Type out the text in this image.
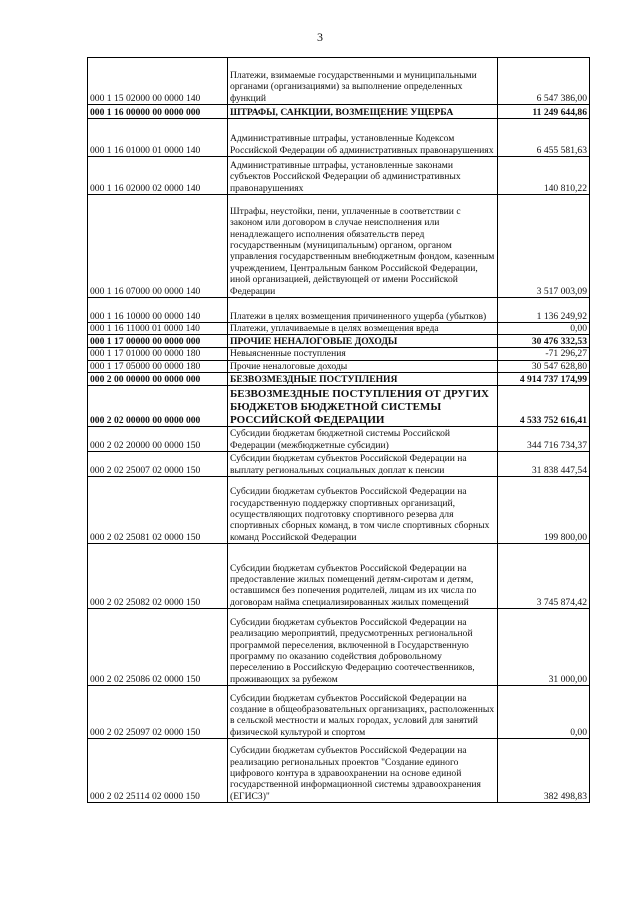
3
000 1 15 02000 00 0000 140	Платежи, взимаемые государственными и муниципальными органами (организациями) за выполнение определенных функций	6 547 386,00
000 1 16 00000 00 0000 000	ШТРАФЫ, САНКЦИИ, ВОЗМЕЩЕНИЕ УЩЕРБА	11 249 644,86
000 1 16 01000 01 0000 140	Административные штрафы, установленные Кодексом Российской Федерации об административных правонарушениях	6 455 581,63
000 1 16 02000 02 0000 140	Административные штрафы, установленные законами субъектов Российской Федерации об административных правонарушениях	140 810,22
000 1 16 07000 00 0000 140	Штрафы, неустойки, пени, уплаченные в соответствии с законом или договором в случае неисполнения или ненадлежащего исполнения обязательств перед государственным (муниципальным) органом, органом управления государственным внебюджетным фондом, казенным учреждением, Центральным банком Российской Федерации, иной организацией, действующей от имени Российской Федерации	3 517 003,09
000 1 16 10000 00 0000 140	Платежи в целях возмещения причиненного ущерба (убытков)	1 136 249,92
000 1 16 11000 01 0000 140	Платежи, уплачиваемые в целях возмещения вреда	0,00
000 1 17 00000 00 0000 000	ПРОЧИЕ НЕНАЛОГОВЫЕ ДОХОДЫ	30 476 332,53
000 1 17 01000 00 0000 180	Невыясненные поступления	-71 296,27
000 1 17 05000 00 0000 180	Прочие неналоговые доходы	30 547 628,80
000 2 00 00000 00 0000 000	БЕЗВОЗМЕЗДНЫЕ ПОСТУПЛЕНИЯ	4 914 737 174,99
000 2 02 00000 00 0000 000	БЕЗВОЗМЕЗДНЫЕ ПОСТУПЛЕНИЯ ОТ ДРУГИХ БЮДЖЕТОВ БЮДЖЕТНОЙ СИСТЕМЫ РОССИЙСКОЙ ФЕДЕРАЦИИ	4 533 752 616,41
000 2 02 20000 00 0000 150	Субсидии бюджетам бюджетной системы Российской Федерации (межбюджетные субсидии)	344 716 734,37
000 2 02 25007 02 0000 150	Субсидии бюджетам субъектов Российской Федерации на выплату региональных социальных доплат к пенсии	31 838 447,54
000 2 02 25081 02 0000 150	Субсидии бюджетам субъектов Российской Федерации на государственную поддержку спортивных организаций, осуществляющих подготовку спортивного резерва для спортивных сборных команд, в том числе спортивных сборных команд Российской Федерации	199 800,00
000 2 02 25082 02 0000 150	Субсидии бюджетам субъектов Российской Федерации на предоставление жилых помещений детям-сиротам и детям, оставшимся без попечения родителей, лицам из их числа по договорам найма специализированных жилых помещений	3 745 874,42
000 2 02 25086 02 0000 150	Субсидии бюджетам субъектов Российской Федерации на реализацию мероприятий, предусмотренных региональной программой переселения, включенной в Государственную программу по оказанию содействия добровольному переселению в Российскую Федерацию соотечественников, проживающих за рубежом	31 000,00
000 2 02 25097 02 0000 150	Субсидии бюджетам субъектов Российской Федерации на создание в общеобразовательных организациях, расположенных в сельской местности и малых городах, условий для занятий физической культурой и спортом	0,00
000 2 02 25114 02 0000 150	Субсидии бюджетам субъектов Российской Федерации на реализацию региональных проектов "Создание единого цифрового контура в здравоохранении на основе единой государственной информационной системы здравоохранения (ЕГИСЗ)"	382 498,83
